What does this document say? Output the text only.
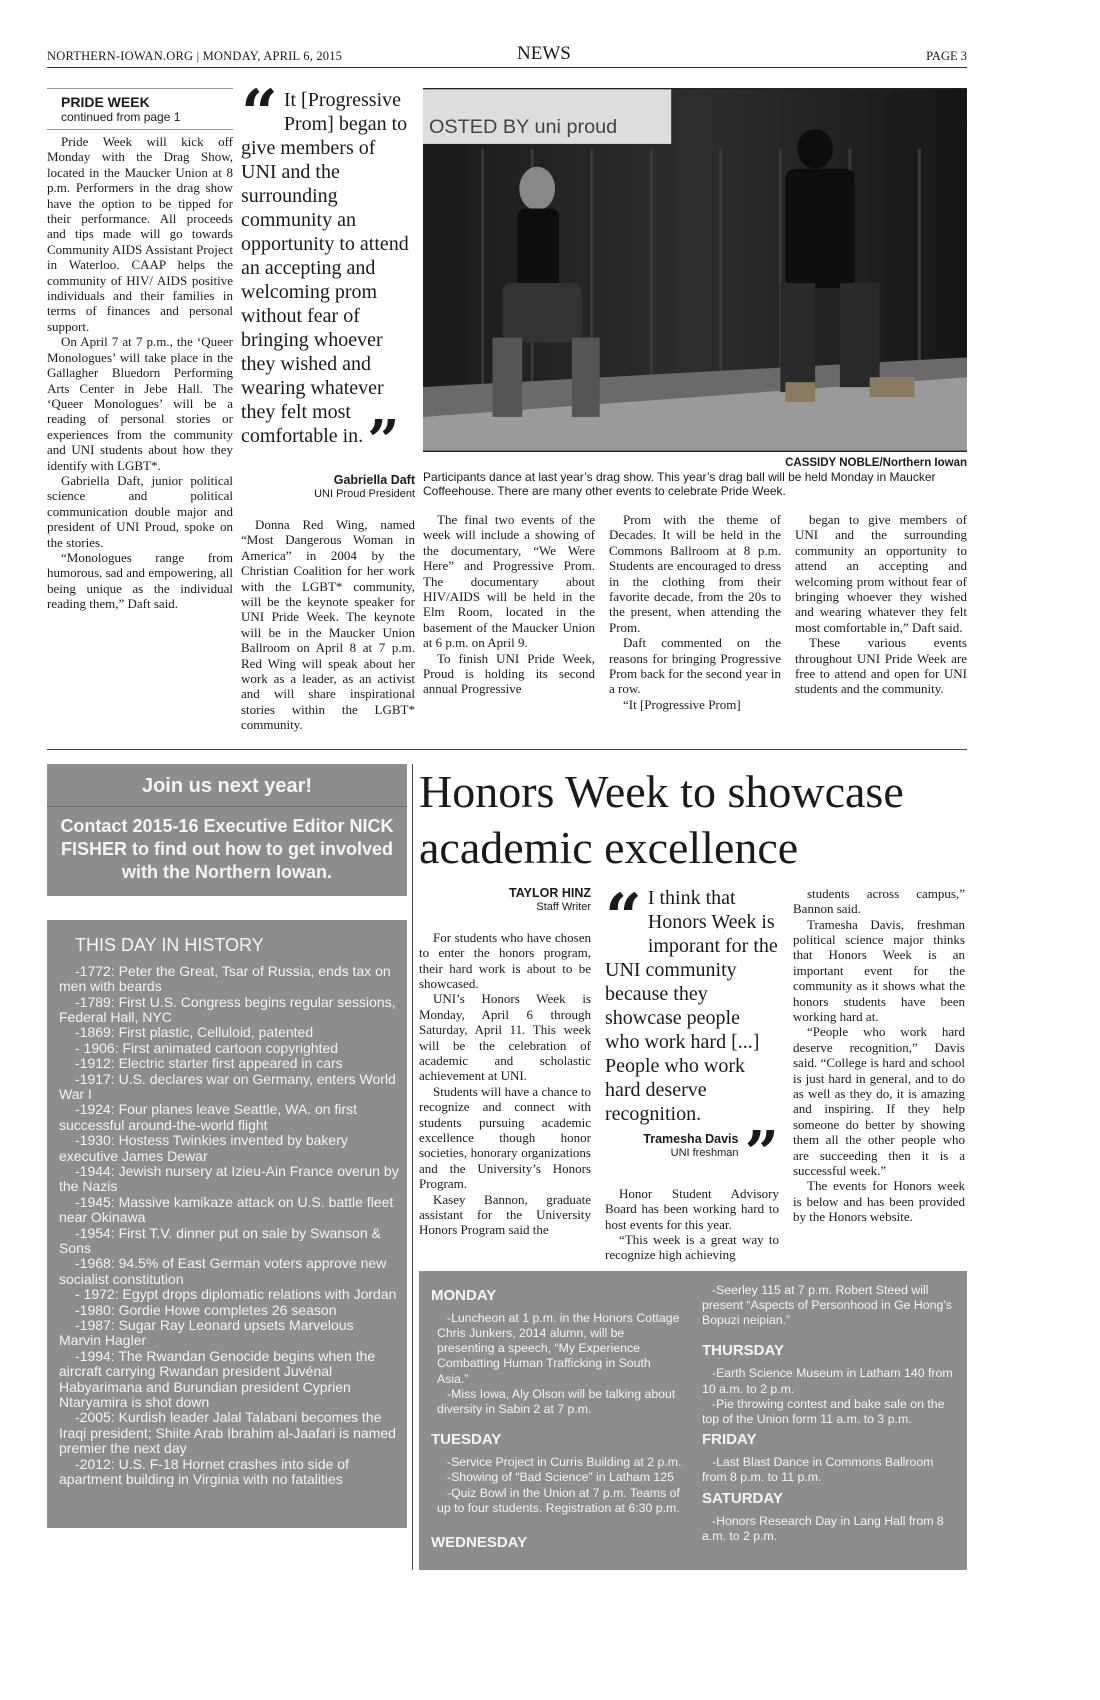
NORTHERN-IOWAN.ORG | MONDAY, APRIL 6, 2015	NEWS	PAGE 3
PRIDE WEEK
continued from page 1

Pride Week will kick off Monday with the Drag Show, located in the Maucker Union at 8 p.m. Performers in the drag show have the option to be tipped for their performance. All proceeds and tips made will go towards Community AIDS Assistant Project in Waterloo. CAAP helps the community of HIV/ AIDS positive individuals and their families in terms of finances and personal support.

On April 7 at 7 p.m., the ‘Queer Monologues’ will take place in the Gallagher Bluedorn Performing Arts Center in Jebe Hall. The ‘Queer Monologues’ will be a reading of personal stories or experiences from the community and UNI students about how they identify with LGBT*.

Gabriella Daft, junior political science and political communication double major and president of UNI Proud, spoke on the stories.

“Monologues range from humorous, sad and empowering, all being unique as the individual reading them,” Daft said.

“ It [Progressive Prom] began to give members of UNI and the surrounding community an opportunity to attend an accepting and welcoming prom without fear of bringing whoever they wished and wearing whatever they felt most comfortable in.”
Gabriella Daft
UNI Proud President

Donna Red Wing, named “Most Dangerous Woman in America” in 2004 by the Christian Coalition for her work with the LGBT* community, will be the keynote speaker for UNI Pride Week. The keynote will be in the Maucker Union Ballroom on April 8 at 7 p.m. Red Wing will speak about her work as a leader, as an activist and will share inspirational stories within the LGBT* community.

OSTED BY uni proud
CASSIDY NOBLE/Northern Iowan
Participants dance at last year’s drag show. This year’s drag ball will be held Monday in Maucker Coffeehouse. There are many other events to celebrate Pride Week.

The final two events of the week will include a showing of the documentary, “We Were Here” and Progressive Prom. The documentary about HIV/AIDS will be held in the Elm Room, located in the basement of the Maucker Union at 6 p.m. on April 9.

To finish UNI Pride Week, Proud is holding its second annual Progressive

Prom with the theme of Decades. It will be held in the Commons Ballroom at 8 p.m. Students are encouraged to dress in the clothing from their favorite decade, from the 20s to the present, when attending the Prom.

Daft commented on the reasons for bringing Progressive Prom back for the second year in a row.

“It [Progressive Prom]

began to give members of UNI and the surrounding community an opportunity to attend an accepting and welcoming prom without fear of bringing whoever they wished and wearing whatever they felt most comfortable in,” Daft said.

These various events throughout UNI Pride Week are free to attend and open for UNI students and the community.

Join us next year!
Contact 2015-16 Executive Editor NICK FISHER to find out how to get involved with the Northern Iowan.
THIS DAY IN HISTORY

-1772: Peter the Great, Tsar of Russia, ends tax on men with beards

-1789: First U.S. Congress begins regular sessions, Federal Hall, NYC

-1869: First plastic, Celluloid, patented

- 1906: First animated cartoon copyrighted

-1912: Electric starter first appeared in cars

-1917: U.S. declares war on Germany, enters World War I

-1924: Four planes leave Seattle, WA. on first successful around-the-world flight

-1930: Hostess Twinkies invented by bakery executive James Dewar

-1944: Jewish nursery at Izieu-Ain France overun by the Nazis

-1945: Massive kamikaze attack on U.S. battle fleet near Okinawa

-1954: First T.V. dinner put on sale by Swanson & Sons

-1968: 94.5% of East German voters approve new socialist constitution

- 1972: Egypt drops diplomatic relations with Jordan

-1980: Gordie Howe completes 26 season

-1987: Sugar Ray Leonard upsets Marvelous Marvin Hagler

-1994: The Rwandan Genocide begins when the aircraft carrying Rwandan president Juvénal Habyarimana and Burundian president Cyprien Ntaryamira is shot down

-2005: Kurdish leader Jalal Talabani becomes the Iraqi president; Shiite Arab Ibrahim al-Jaafari is named premier the next day

-2012: U.S. F-18 Hornet crashes into side of apartment building in Virginia with no fatalities

Honors Week to showcase academic excellence
TAYLOR HINZ
Staff Writer

For students who have chosen to enter the honors program, their hard work is about to be showcased.

UNI’s Honors Week is Monday, April 6 through Saturday, April 11. This week will be the celebration of academic and scholastic achievement at UNI.

Students will have a chance to recognize and connect with students pursuing academic excellence though honor societies, honorary organizations and the University’s Honors Program.

Kasey Bannon, graduate assistant for the University Honors Program said the

“ I think that Honors Week is imporant for the UNI community because they showcase people who work hard [...] People who work hard deserve recognition.
Tramesha Davis
UNI freshman ”

Honor Student Advisory Board has been working hard to host events for this year.

“This week is a great way to recognize high achieving

students across campus,” Bannon said.

Tramesha Davis, freshman political science major thinks that Honors Week is an important event for the community as it shows what the honors students have been working hard at.

“People who work hard deserve recognition,” Davis said. “College is hard and school is just hard in general, and to do as well as they do, it is amazing and inspiring. If they help someone do better by showing them all the other people who are succeeding then it is a successful week.”

The events for Honors week is below and has been provided by the Honors website.

MONDAY

-Luncheon at 1 p.m. in the Honors Cottage Chris Junkers, 2014 alumn, will be presenting a speech, “My Experience Combatting Human Trafficking in South Asia.”

-Miss Iowa, Aly Olson will be talking about diversity in Sabin 2 at 7 p.m.

TUESDAY

-Service Project in Curris Building at 2 p.m.

-Showing of “Bad Science” in Latham 125

-Quiz Bowl in the Union at 7 p.m. Teams of up to four students. Registration at 6:30 p.m.

WEDNESDAY

-Seerley 115 at 7 p.m. Robert Steed will present “Aspects of Personhood in Ge Hong’s Bopuzi neipian.”

THURSDAY

-Earth Science Museum in Latham 140 from 10 a.m. to 2 p.m.

-Pie throwing contest and bake sale on the top of the Union form 11 a.m. to 3 p.m.

FRIDAY

-Last Blast Dance in Commons Ballroom from 8 p.m. to 11 p.m.

SATURDAY

-Honors Research Day in Lang Hall from 8 a.m. to 2 p.m.
